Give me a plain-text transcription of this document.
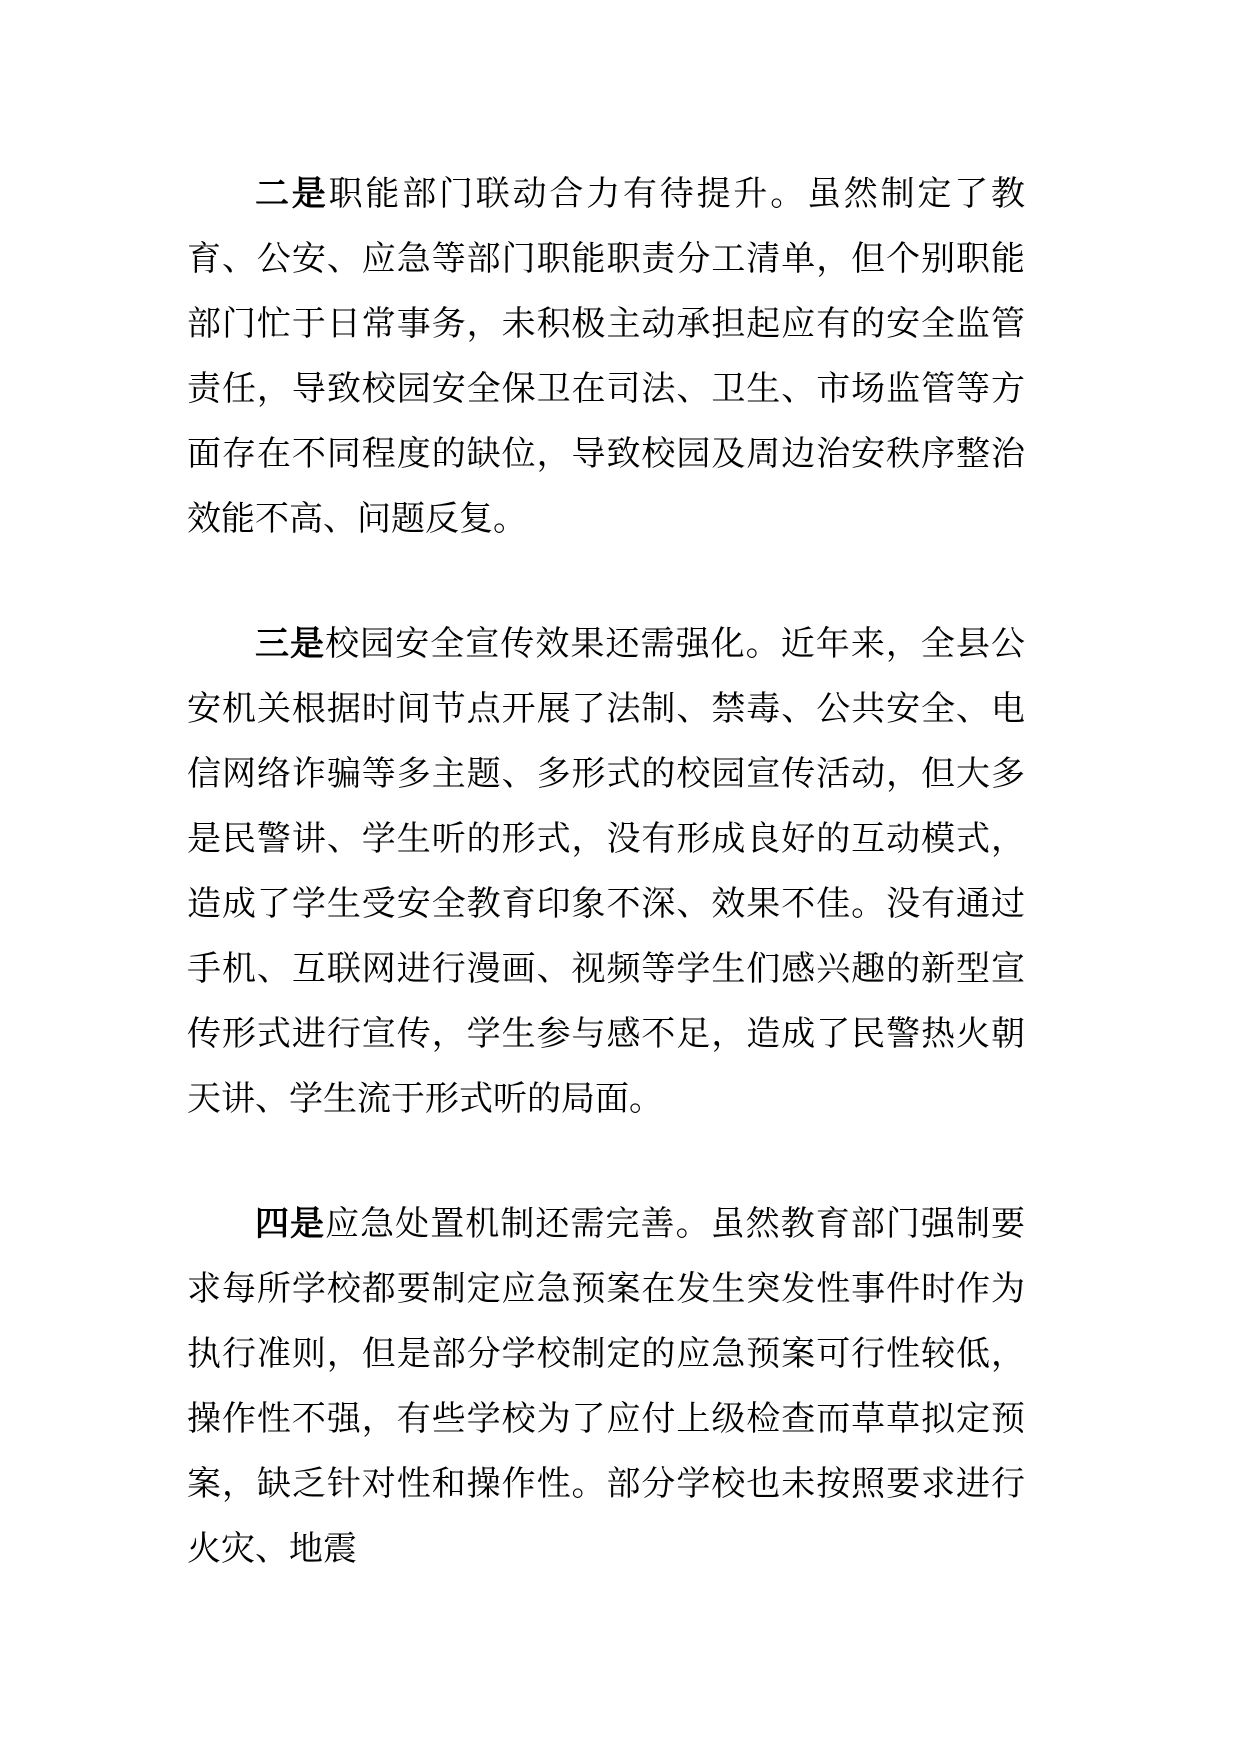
二是职能部门联动合力有待提升。虽然制定了教育、公安、应急等部门职能职责分工清单，但个别职能部门忙于日常事务，未积极主动承担起应有的安全监管责任，导致校园安全保卫在司法、卫生、市场监管等方面存在不同程度的缺位，导致校园及周边治安秩序整治效能不高、问题反复。

三是校园安全宣传效果还需强化。近年来，全县公安机关根据时间节点开展了法制、禁毒、公共安全、电信网络诈骗等多主题、多形式的校园宣传活动，但大多是民警讲、学生听的形式，没有形成良好的互动模式，造成了学生受安全教育印象不深、效果不佳。没有通过手机、互联网进行漫画、视频等学生们感兴趣的新型宣传形式进行宣传，学生参与感不足，造成了民警热火朝天讲、学生流于形式听的局面。

四是应急处置机制还需完善。虽然教育部门强制要求每所学校都要制定应急预案在发生突发性事件时作为执行准则，但是部分学校制定的应急预案可行性较低，操作性不强，有些学校为了应付上级检查而草草拟定预案，缺乏针对性和操作性。部分学校也未按照要求进行火灾、地震
